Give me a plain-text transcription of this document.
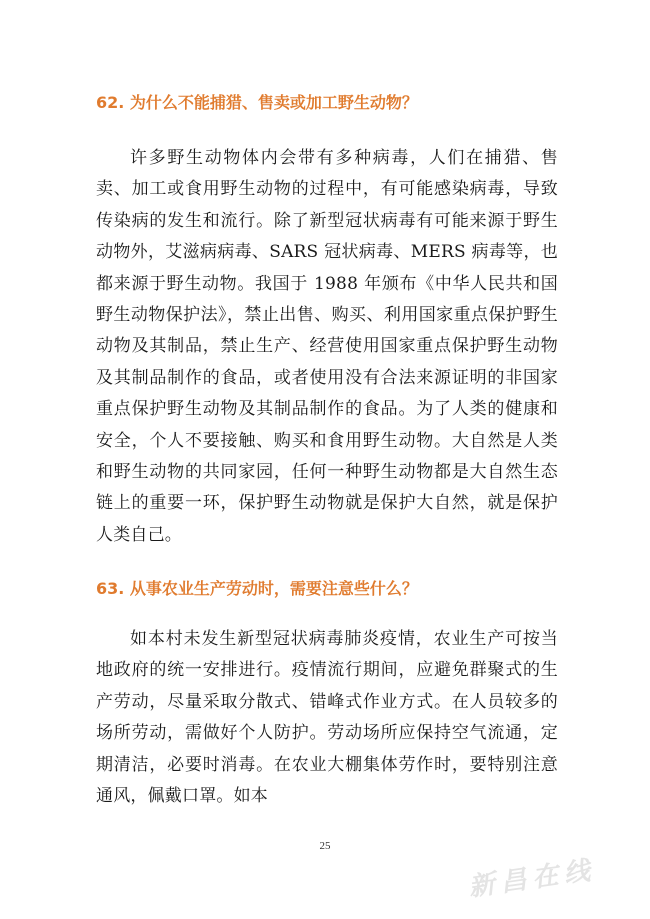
62. 为什么不能捕猎、售卖或加工野生动物？

许多野生动物体内会带有多种病毒，人们在捕猎、售卖、加工或食用野生动物的过程中，有可能感染病毒，导致传染病的发生和流行。除了新型冠状病毒有可能来源于野生动物外，艾滋病病毒、SARS 冠状病毒、MERS 病毒等，也都来源于野生动物。我国于 1988 年颁布《中华人民共和国野生动物保护法》，禁止出售、购买、利用国家重点保护野生动物及其制品，禁止生产、经营使用国家重点保护野生动物及其制品制作的食品，或者使用没有合法来源证明的非国家重点保护野生动物及其制品制作的食品。为了人类的健康和安全，个人不要接触、购买和食用野生动物。大自然是人类和野生动物的共同家园，任何一种野生动物都是大自然生态链上的重要一环，保护野生动物就是保护大自然，就是保护人类自己。

63. 从事农业生产劳动时，需要注意些什么？

如本村未发生新型冠状病毒肺炎疫情，农业生产可按当地政府的统一安排进行。疫情流行期间，应避免群聚式的生产劳动，尽量采取分散式、错峰式作业方式。在人员较多的场所劳动，需做好个人防护。劳动场所应保持空气流通，定期清洁，必要时消毒。在农业大棚集体劳作时，要特别注意通风，佩戴口罩。如本

25
新昌在线
